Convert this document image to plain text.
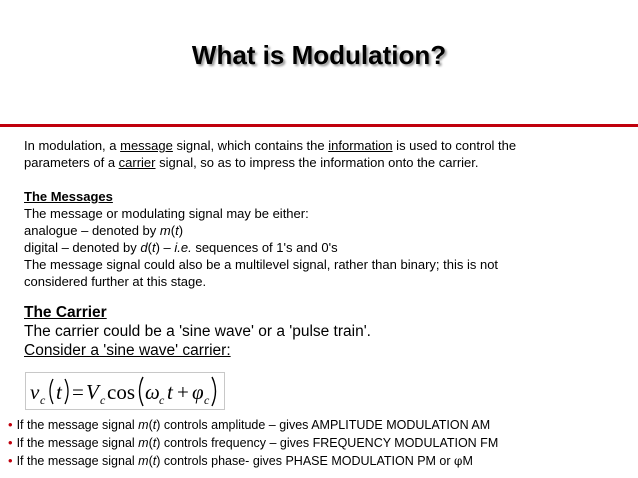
What is Modulation?
In modulation, a message signal, which contains the information is used to control the
parameters of a carrier signal, so as to impress the information onto the carrier.
The Messages
The message or modulating signal may be either:
analogue – denoted by m(t)
digital – denoted by d(t) – i.e. sequences of 1's and 0's
The message signal could also be a multilevel signal, rather than binary; this is not
considered further at this stage.
The Carrier
The carrier could be a 'sine wave' or a 'pulse train'.
Consider a 'sine wave' carrier:
v c t = V c cos ω c t + φ c
• If the message signal m(t) controls amplitude – gives AMPLITUDE MODULATION AM
• If the message signal m(t) controls frequency – gives FREQUENCY MODULATION FM
• If the message signal m(t) controls phase- gives PHASE MODULATION PM or φM
